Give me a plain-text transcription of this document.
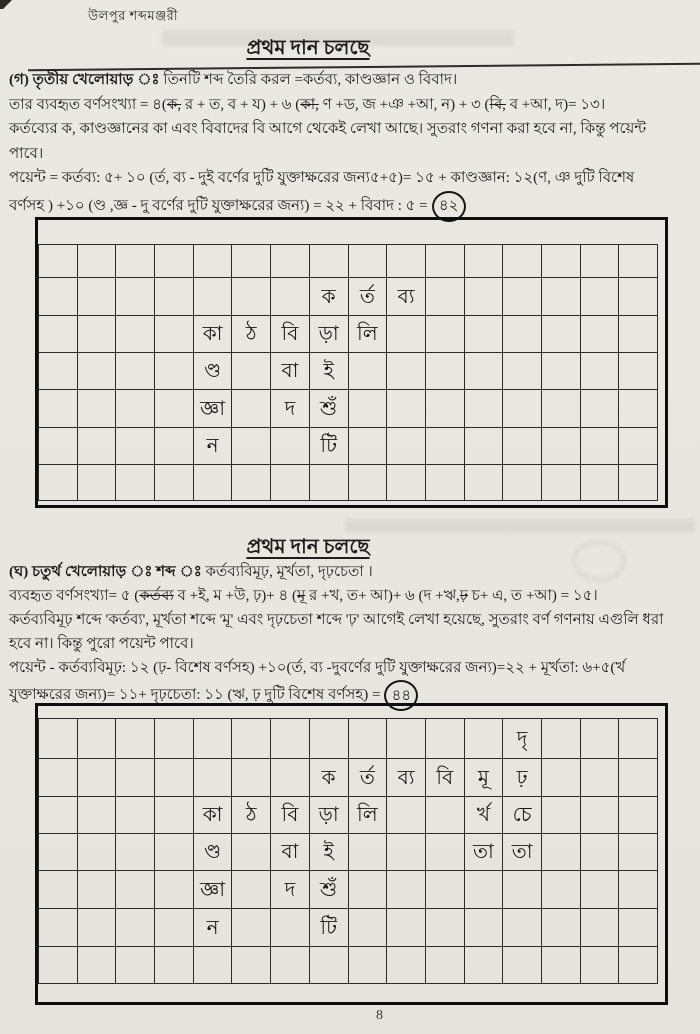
উলপুর শব্দমঞ্জরী
প্রথম দান চলছে
(গ) তৃতীয় খেলোয়াড় ঃ তিনটি শব্দ তৈরি করল =কর্তব্য, কাণ্ডজ্ঞান ও বিবাদ।
তার ব্যবহৃত বর্ণসংখ্যা = ৪(ক, র + ত, ব + য) + ৬ (কা, ণ +ড, জ +ঞ +আ, ন) + ৩ (বি, ব +আ, দ)= ১৩।
কর্তব্যের ক, কাণ্ডজ্ঞানের কা এবং বিবাদের বি আগে থেকেই লেখা আছে। সুতরাং গণনা করা হবে না, কিন্তু পয়েন্ট
পাবে।
পয়েন্ট = কর্তব্য: ৫+ ১০ (র্ত, ব্য - দুই বর্ণের দুটি যুক্তাক্ষরের জন্য৫+৫)= ১৫ + কাণ্ডজ্ঞান: ১২(ণ, ঞ দুটি বিশেষ
বর্ণসহ ) +১০ (ণ্ড ,জ্ঞ - দু বর্ণের দুটি যুক্তাক্ষরের জন্য) = ২২ + বিবাদ : ৫ = ৪২

							ক	র্ত	ব্য						
				কা	ঠ	বি	ড়া	লি							
				ণ্ড		বা	ই								
				জ্ঞা		দ	শুঁ								
				ন			টি								

প্রথম দান চলছে
(ঘ) চতুর্থ খেলোয়াড় ঃ শব্দ ঃ কর্তব্যবিমূঢ়, মূর্খতা, দৃঢ়চেতা ।
ব্যবহৃত বর্ণসংখ্যা= ৫ (কর্তব্য ব +ই, ম +উ, ঢ়)+ ৪ (মূ র +খ, ত+ আ)+ ৬ (দ +ঋ,ঢ় চ+ এ, ত +আ) = ১৫।
কর্তব্যবিমূঢ় শব্দে 'কর্তব্য', মূর্খতা শব্দে 'মূ' এবং দৃঢ়চেতা শব্দে 'ঢ়' আগেই লেখা হয়েছে, সুতরাং বর্ণ গণনায় এগুলি ধরা
হবে না। কিন্তু পুরো পয়েন্ট পাবে।
পয়েন্ট - কর্তব্যবিমূঢ়: ১২ (ঢ়- বিশেষ বর্ণসহ) +১০(র্ত, ব্য -দুবর্ণের দুটি যুক্তাক্ষরের জন্য)=২২ + মূর্খতা: ৬+৫(র্খ
যুক্তাক্ষরের জন্য)= ১১+ দৃঢ়চেতা: ১১ (ঋ, ঢ় দুটি বিশেষ বর্ণসহ) = ৪৪
												দৃ			
							ক	র্ত	ব্য	বি	মূ	ঢ়			
				কা	ঠ	বি	ড়া	লি			র্খ	চে			
				ণ্ড		বা	ই				তা	তা			
				জ্ঞা		দ	শুঁ								
				ন			টি								

8
